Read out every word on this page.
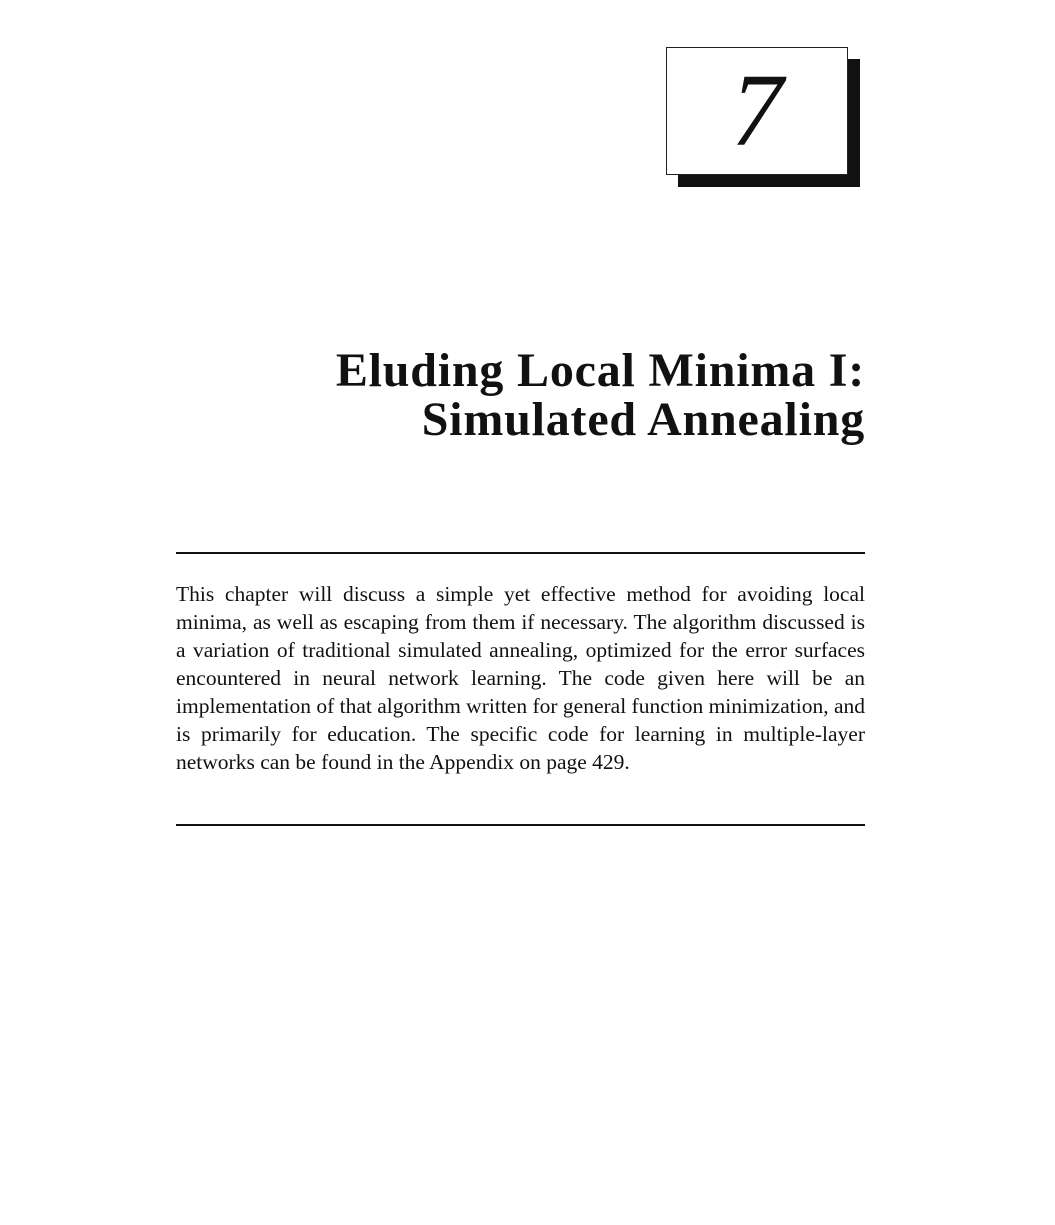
7
Eluding Local Minima I:
Simulated Annealing

This chapter will discuss a simple yet effective method for avoiding local minima, as well as escaping from them if necessary. The algorithm discussed is a variation of traditional simulated annealing, optimized for the error surfaces encountered in neural network learning. The code given here will be an implementation of that algorithm written for general function minimization, and is primarily for education. The specific code for learning in multiple-layer networks can be found in the Appendix on page 429.
